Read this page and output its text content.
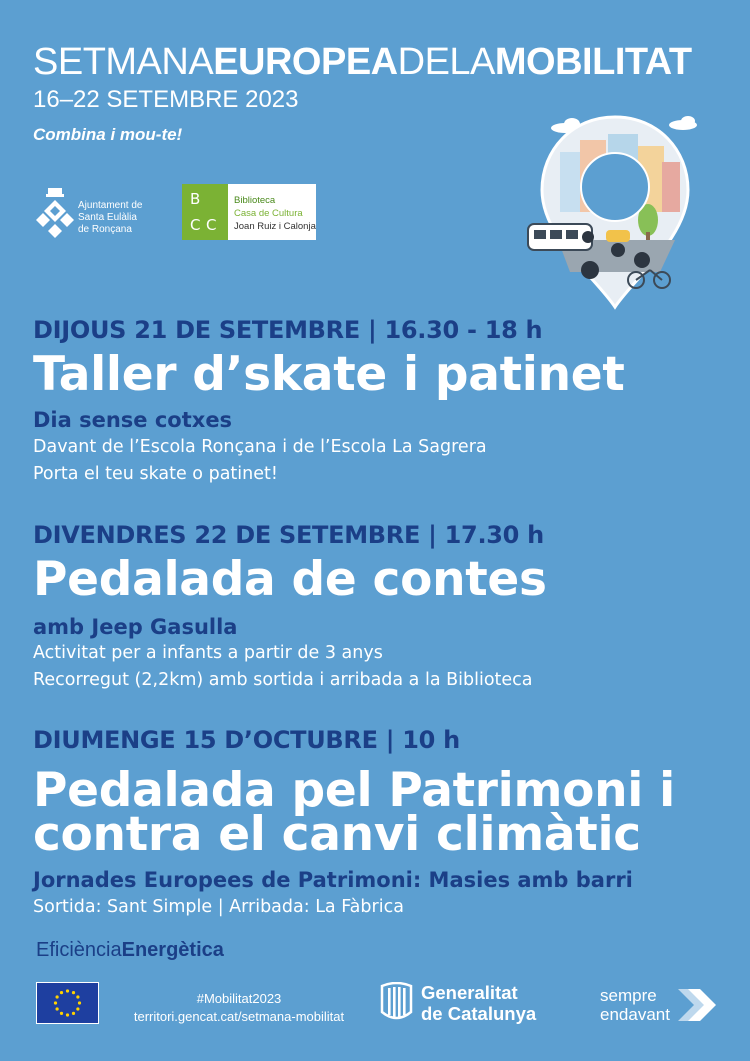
SETMANAEUROPEADELAMOBILITAT
16–22 SETEMBRE 2023
Combina i mou-te!
Ajuntament de
Santa Eulàlia
de Ronçana
B
C C
Biblioteca
Casa de Cultura
Joan Ruiz i Calonja
DIJOUS 21 DE SETEMBRE | 16.30 - 18 h
Taller d’skate i patinet
Dia sense cotxes
Davant de l’Escola Ronçana i de l’Escola La Sagrera
Porta el teu skate o patinet!
DIVENDRES 22 DE SETEMBRE | 17.30 h
Pedalada de contes
amb Jeep Gasulla
Activitat per a infants a partir de 3 anys
Recorregut (2,2km) amb sortida i arribada a la Biblioteca
DIUMENGE 15 D’OCTUBRE | 10 h
Pedalada pel Patrimoni i
contra el canvi climàtic
Jornades Europees de Patrimoni: Masies amb barri
Sortida: Sant Simple | Arribada: La Fàbrica
EficiènciaEnergètica
#Mobilitat2023
territori.gencat.cat/setmana-mobilitat
Generalitat
de Catalunya
sempre
endavant
